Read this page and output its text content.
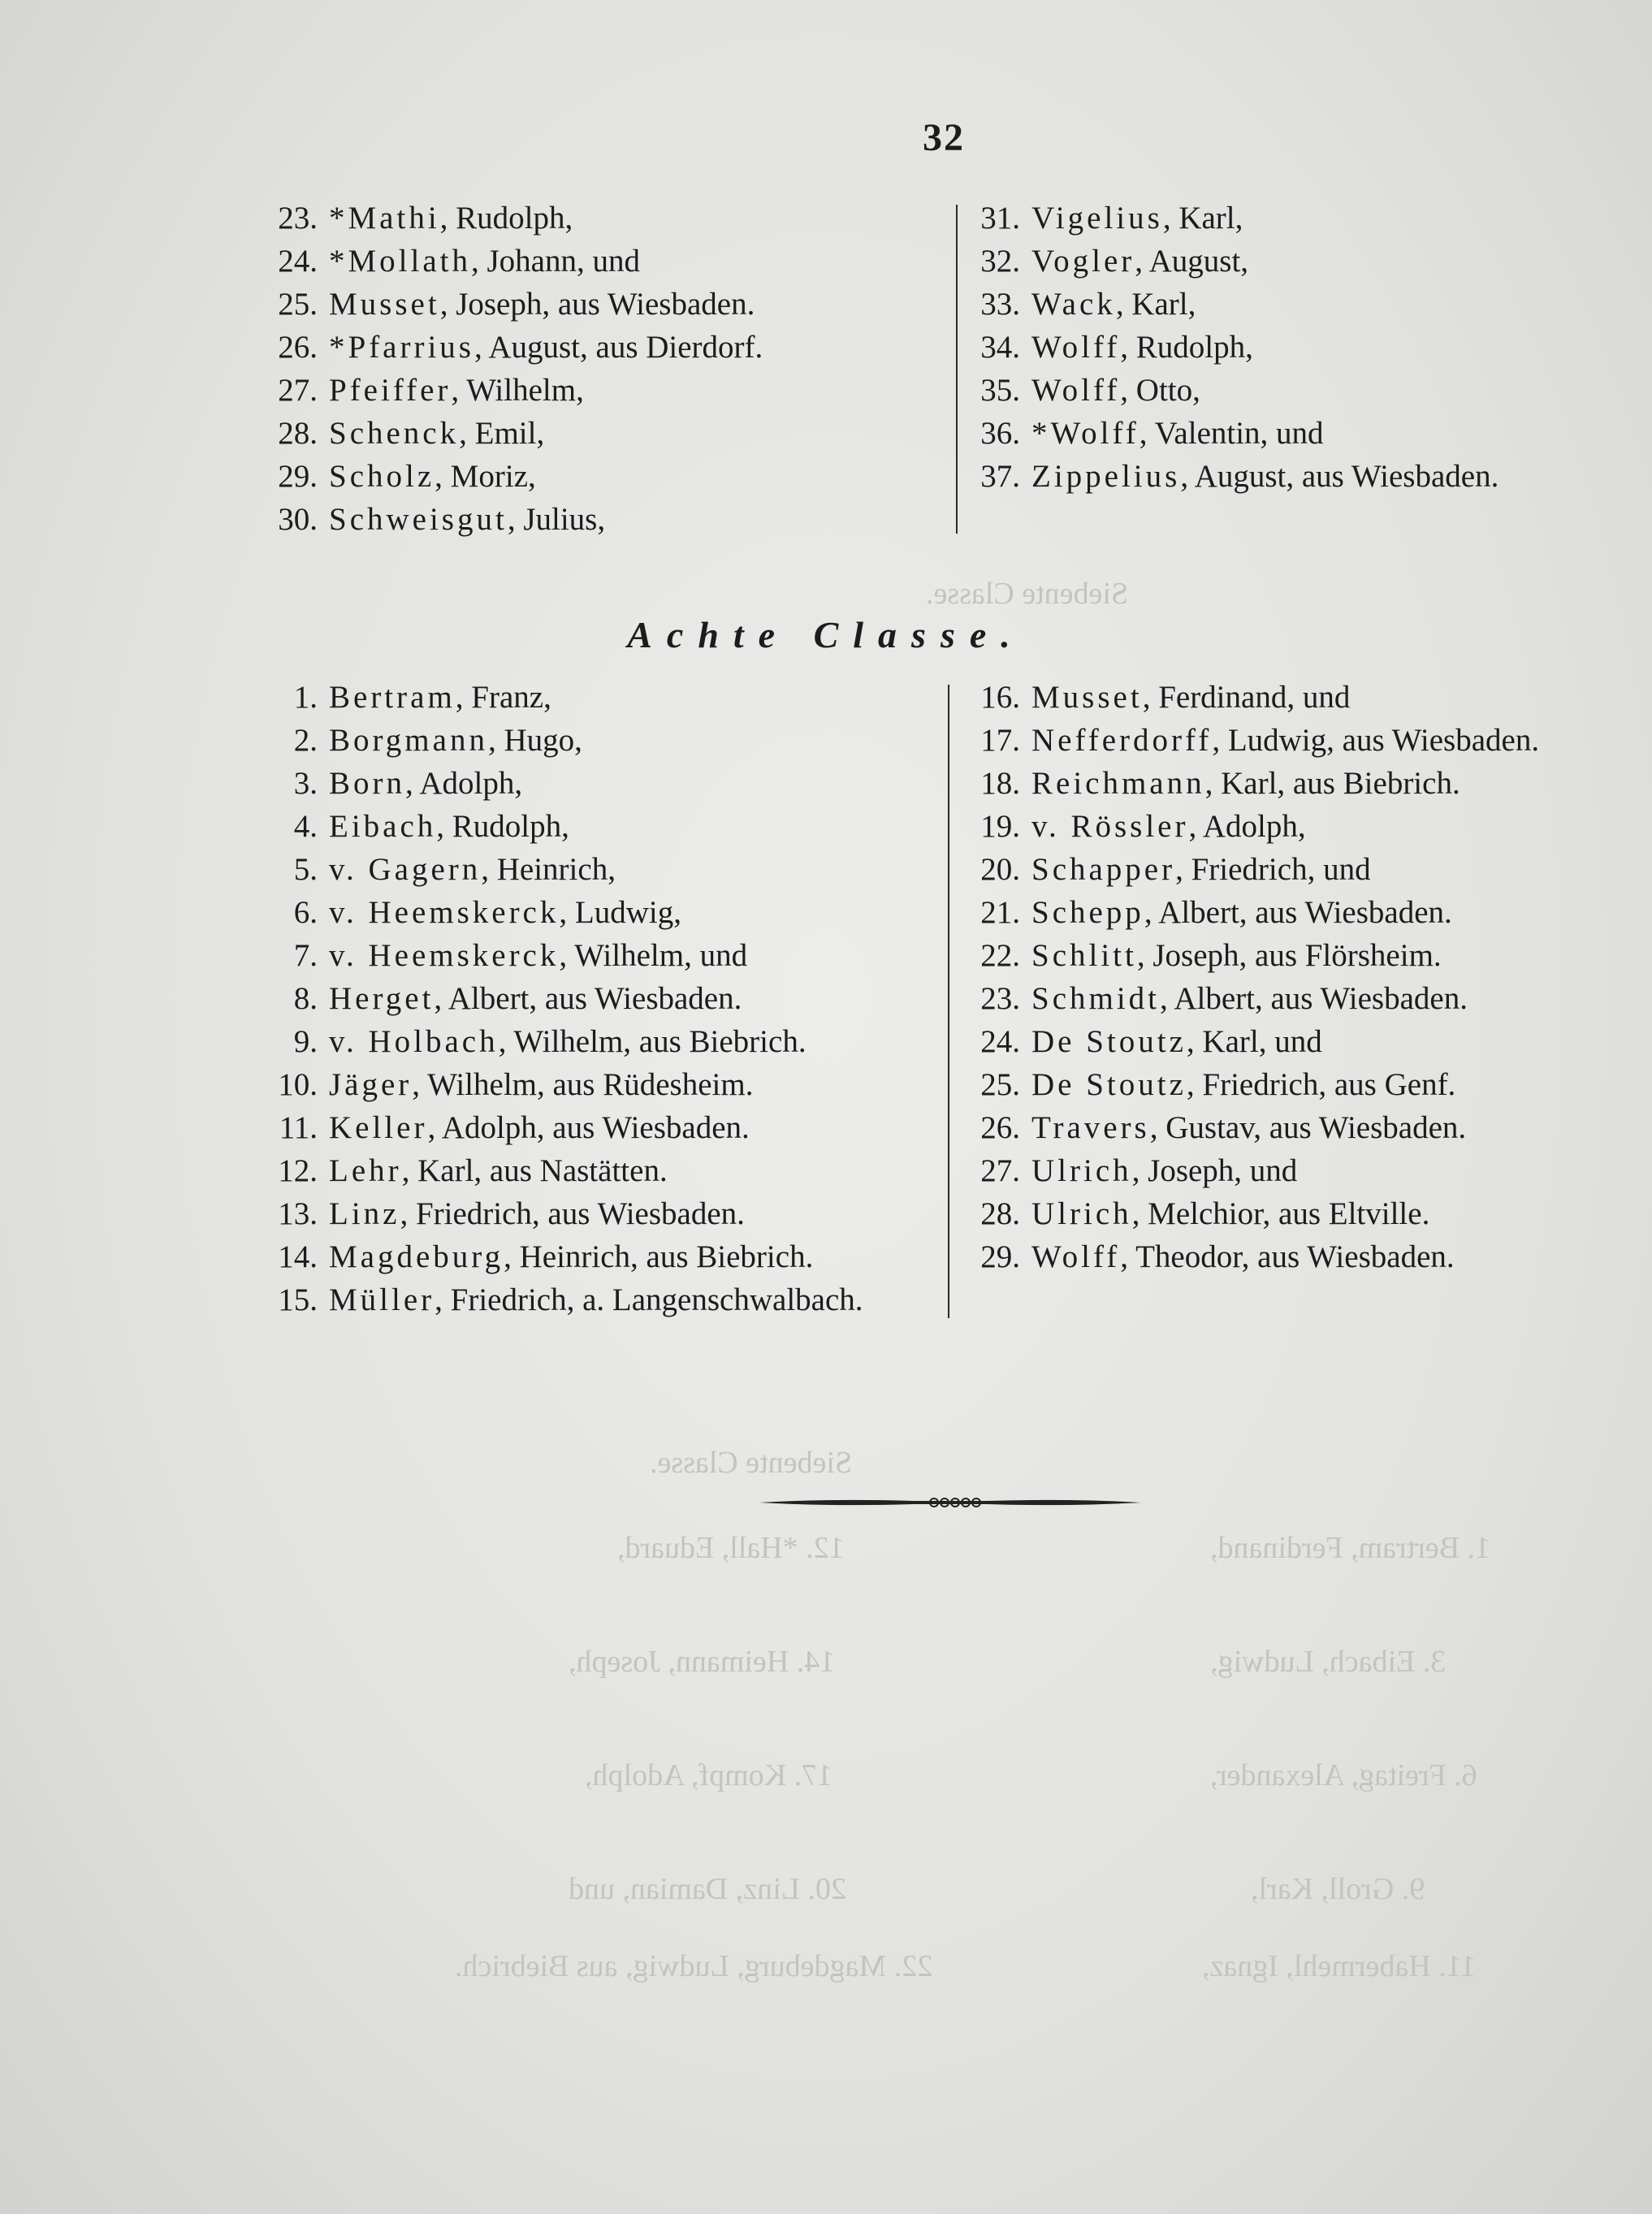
Siebente Classe.
Siebente Classe.
1. Bertram, Ferdinand,
12. *Hall, Eduard,
3. Eibach, Ludwig,
14. Heimann, Joseph,
6. Freitag, Alexander,
17. Kompf, Adolph,
9. Groll, Karl,
20. Linz, Damian, und
11. Habermehl, Ignaz,
22. Magdeburg, Ludwig, aus Biebrich.
32
23. *Mathi, Rudolph,
24. *Mollath, Johann, und
25. Musset, Joseph, aus Wiesbaden.
26. *Pfarrius, August, aus Dierdorf.
27. Pfeiffer, Wilhelm,
28. Schenck, Emil,
29. Scholz, Moriz,
30. Schweisgut, Julius,
31. Vigelius, Karl,
32. Vogler, August,
33. Wack, Karl,
34. Wolff, Rudolph,
35. Wolff, Otto,
36. *Wolff, Valentin, und
37. Zippelius, August, aus Wiesbaden.
Achte Classe.
1. Bertram, Franz,
2. Borgmann, Hugo,
3. Born, Adolph,
4. Eibach, Rudolph,
5. v. Gagern, Heinrich,
6. v. Heemskerck, Ludwig,
7. v. Heemskerck, Wilhelm, und
8. Herget, Albert, aus Wiesbaden.
9. v. Holbach, Wilhelm, aus Biebrich.
10. Jäger, Wilhelm, aus Rüdesheim.
11. Keller, Adolph, aus Wiesbaden.
12. Lehr, Karl, aus Nastätten.
13. Linz, Friedrich, aus Wiesbaden.
14. Magdeburg, Heinrich, aus Biebrich.
15. Müller, Friedrich, a. Langenschwalbach.
16. Musset, Ferdinand, und
17. Nefferdorff, Ludwig, aus Wiesbaden.
18. Reichmann, Karl, aus Biebrich.
19. v. Rössler, Adolph,
20. Schapper, Friedrich, und
21. Schepp, Albert, aus Wiesbaden.
22. Schlitt, Joseph, aus Flörsheim.
23. Schmidt, Albert, aus Wiesbaden.
24. De Stoutz, Karl, und
25. De Stoutz, Friedrich, aus Genf.
26. Travers, Gustav, aus Wiesbaden.
27. Ulrich, Joseph, und
28. Ulrich, Melchior, aus Eltville.
29. Wolff, Theodor, aus Wiesbaden.
